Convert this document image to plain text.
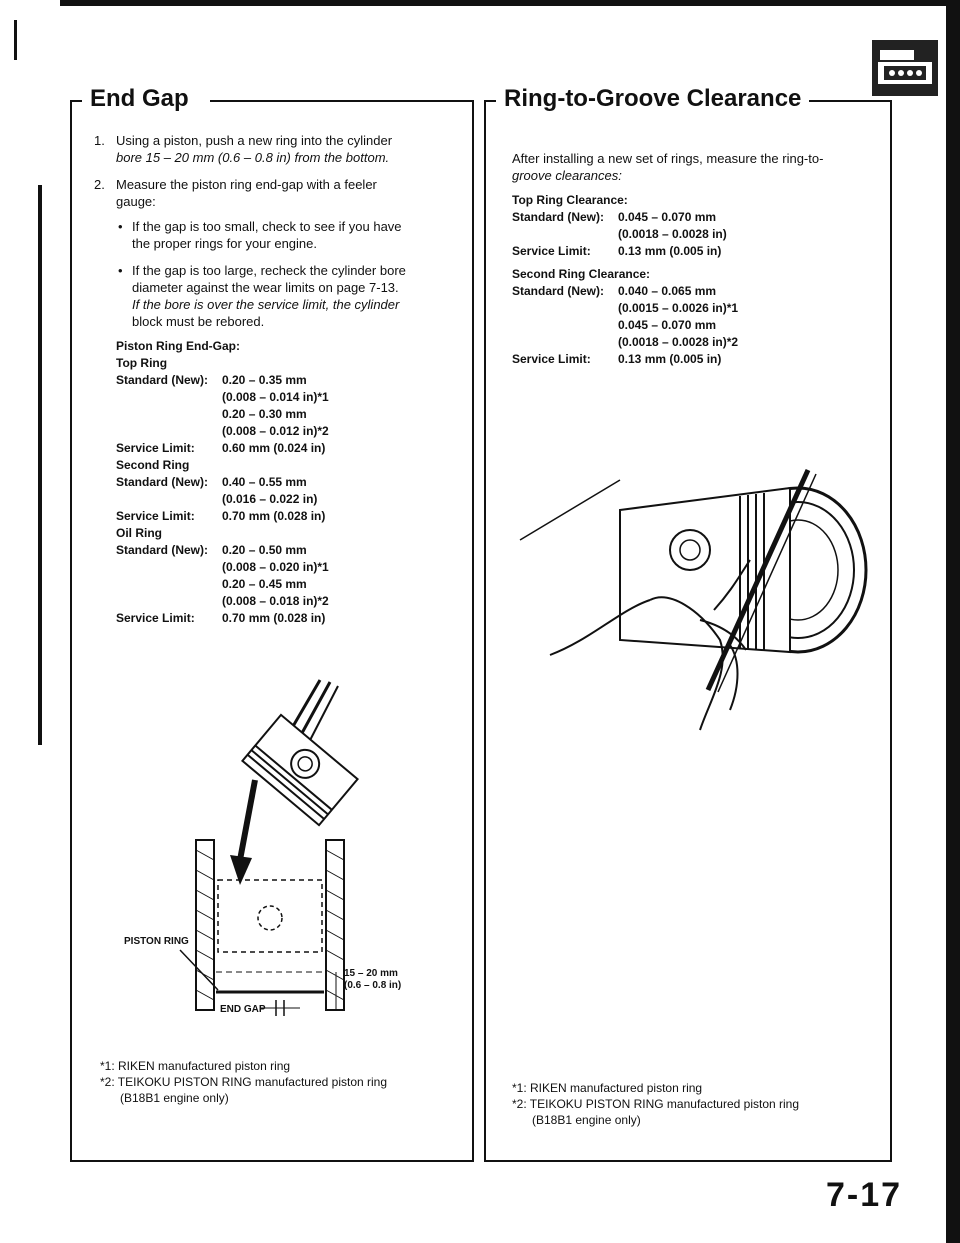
End Gap
1. Using a piston, push a new ring into the cylinder
bore 15 – 20 mm (0.6 – 0.8 in) from the bottom.
2. Measure the piston ring end-gap with a feeler
gauge:
• If the gap is too small, check to see if you have
the proper rings for your engine.
• If the gap is too large, recheck the cylinder bore
diameter against the wear limits on page 7-13.
If the bore is over the service limit, the cylinder
block must be rebored.
Piston Ring End-Gap:
Top Ring
Standard (New):	0.20 – 0.35 mm
(0.008 – 0.014 in)*1
0.20 – 0.30 mm
(0.008 – 0.012 in)*2
Service Limit:	0.60 mm (0.024 in)
Second Ring
Standard (New):	0.40 – 0.55 mm
(0.016 – 0.022 in)
Service Limit:	0.70 mm (0.028 in)
Oil Ring
Standard (New):	0.20 – 0.50 mm
(0.008 – 0.020 in)*1
0.20 – 0.45 mm
(0.008 – 0.018 in)*2
Service Limit:	0.70 mm (0.028 in)
PISTON RING
15 – 20 mm
(0.6 – 0.8 in)
END GAP
*1: RIKEN manufactured piston ring
*2: TEIKOKU PISTON RING manufactured piston ring
(B18B1 engine only)
Ring-to-Groove Clearance
After installing a new set of rings, measure the ring-to-
groove clearances:
Top Ring Clearance:
Standard (New):	0.045 – 0.070 mm
(0.0018 – 0.0028 in)
Service Limit:	0.13 mm (0.005 in)
Second Ring Clearance:
Standard (New):	0.040 – 0.065 mm
(0.0015 – 0.0026 in)*1
0.045 – 0.070 mm
(0.0018 – 0.0028 in)*2
Service Limit:	0.13 mm (0.005 in)
*1: RIKEN manufactured piston ring
*2: TEIKOKU PISTON RING manufactured piston ring
(B18B1 engine only)
7-17
